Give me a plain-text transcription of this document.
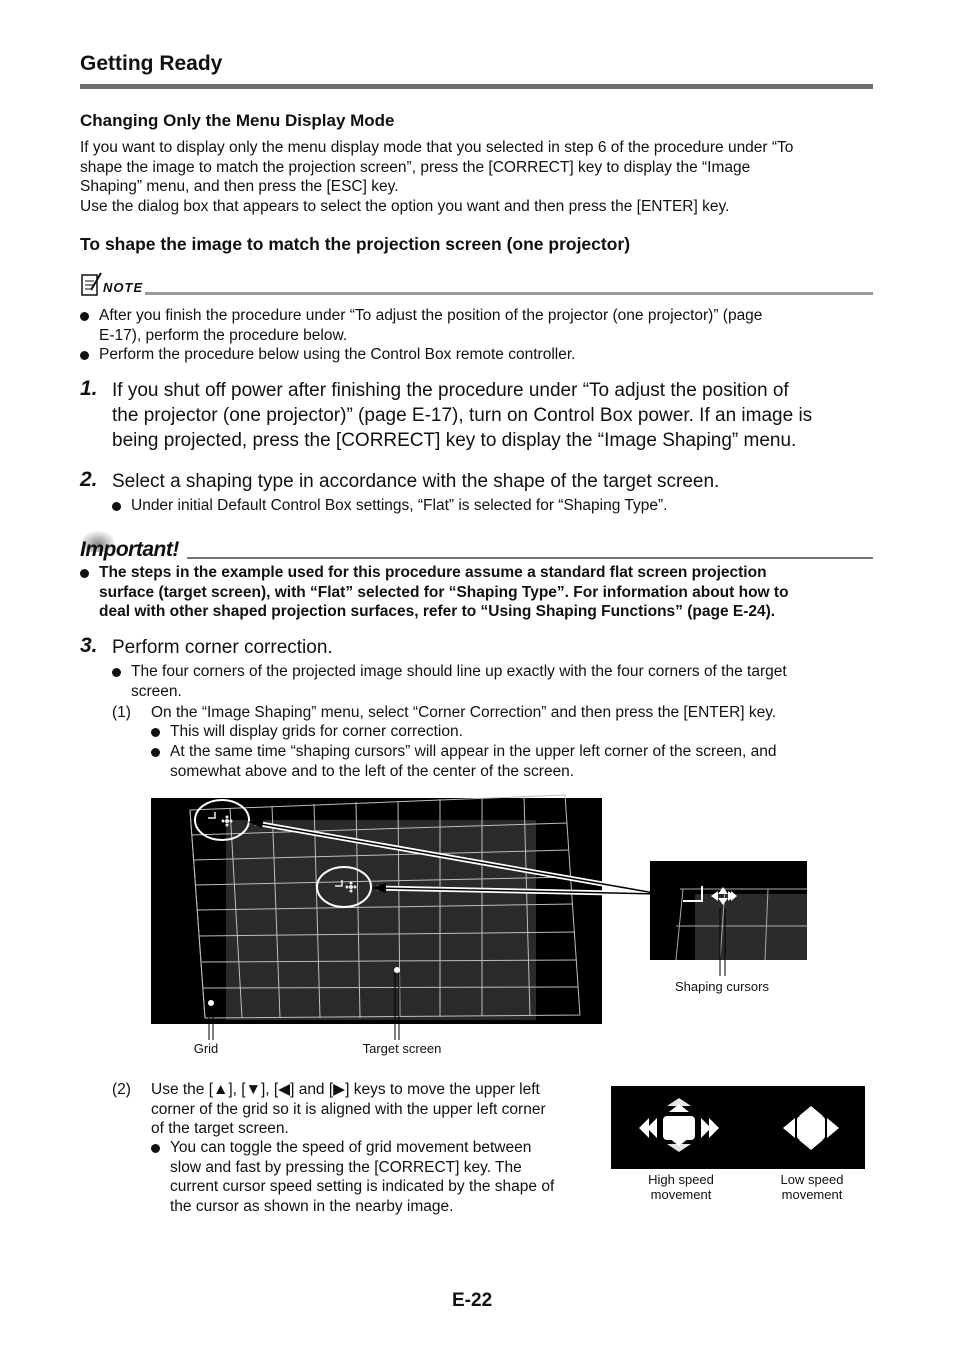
Getting Ready
Changing Only the Menu Display Mode
If you want to display only the menu display mode that you selected in step 6 of the procedure under “To
shape the image to match the projection screen”, press the [CORRECT] key to display the “Image
Shaping” menu, and then press the [ESC] key.
Use the dialog box that appears to select the option you want and then press the [ENTER] key.
To shape the image to match the projection screen (one projector)
NOTE
After you finish the procedure under “To adjust the position of the projector (one projector)” (page
E-17), perform the procedure below.
Perform the procedure below using the Control Box remote controller.
1. If you shut off power after finishing the procedure under “To adjust the position of
the projector (one projector)” (page E-17), turn on Control Box power. If an image is
being projected, press the [CORRECT] key to display the “Image Shaping” menu.
2. Select a shaping type in accordance with the shape of the target screen.
Under initial Default Control Box settings, “Flat” is selected for “Shaping Type”.
Important!
The steps in the example used for this procedure assume a standard flat screen projection
surface (target screen), with “Flat” selected for “Shaping Type”. For information about how to
deal with other shaped projection surfaces, refer to “Using Shaping Functions” (page E-24).
3. Perform corner correction.
The four corners of the projected image should line up exactly with the four corners of the target
screen.
(1) On the “Image Shaping” menu, select “Corner Correction” and then press the [ENTER] key.
This will display grids for corner correction.
At the same time “shaping cursors” will appear in the upper left corner of the screen, and
somewhat above and to the left of the center of the screen.
Grid	Target screen
Shaping cursors
(2) Use the [▲], [▼], [◀] and [▶] keys to move the upper left
corner of the grid so it is aligned with the upper left corner
of the target screen.
You can toggle the speed of grid movement between
slow and fast by pressing the [CORRECT] key. The
current cursor speed setting is indicated by the shape of
the cursor as shown in the nearby image.
High speed
movement
Low speed
movement
E-22
